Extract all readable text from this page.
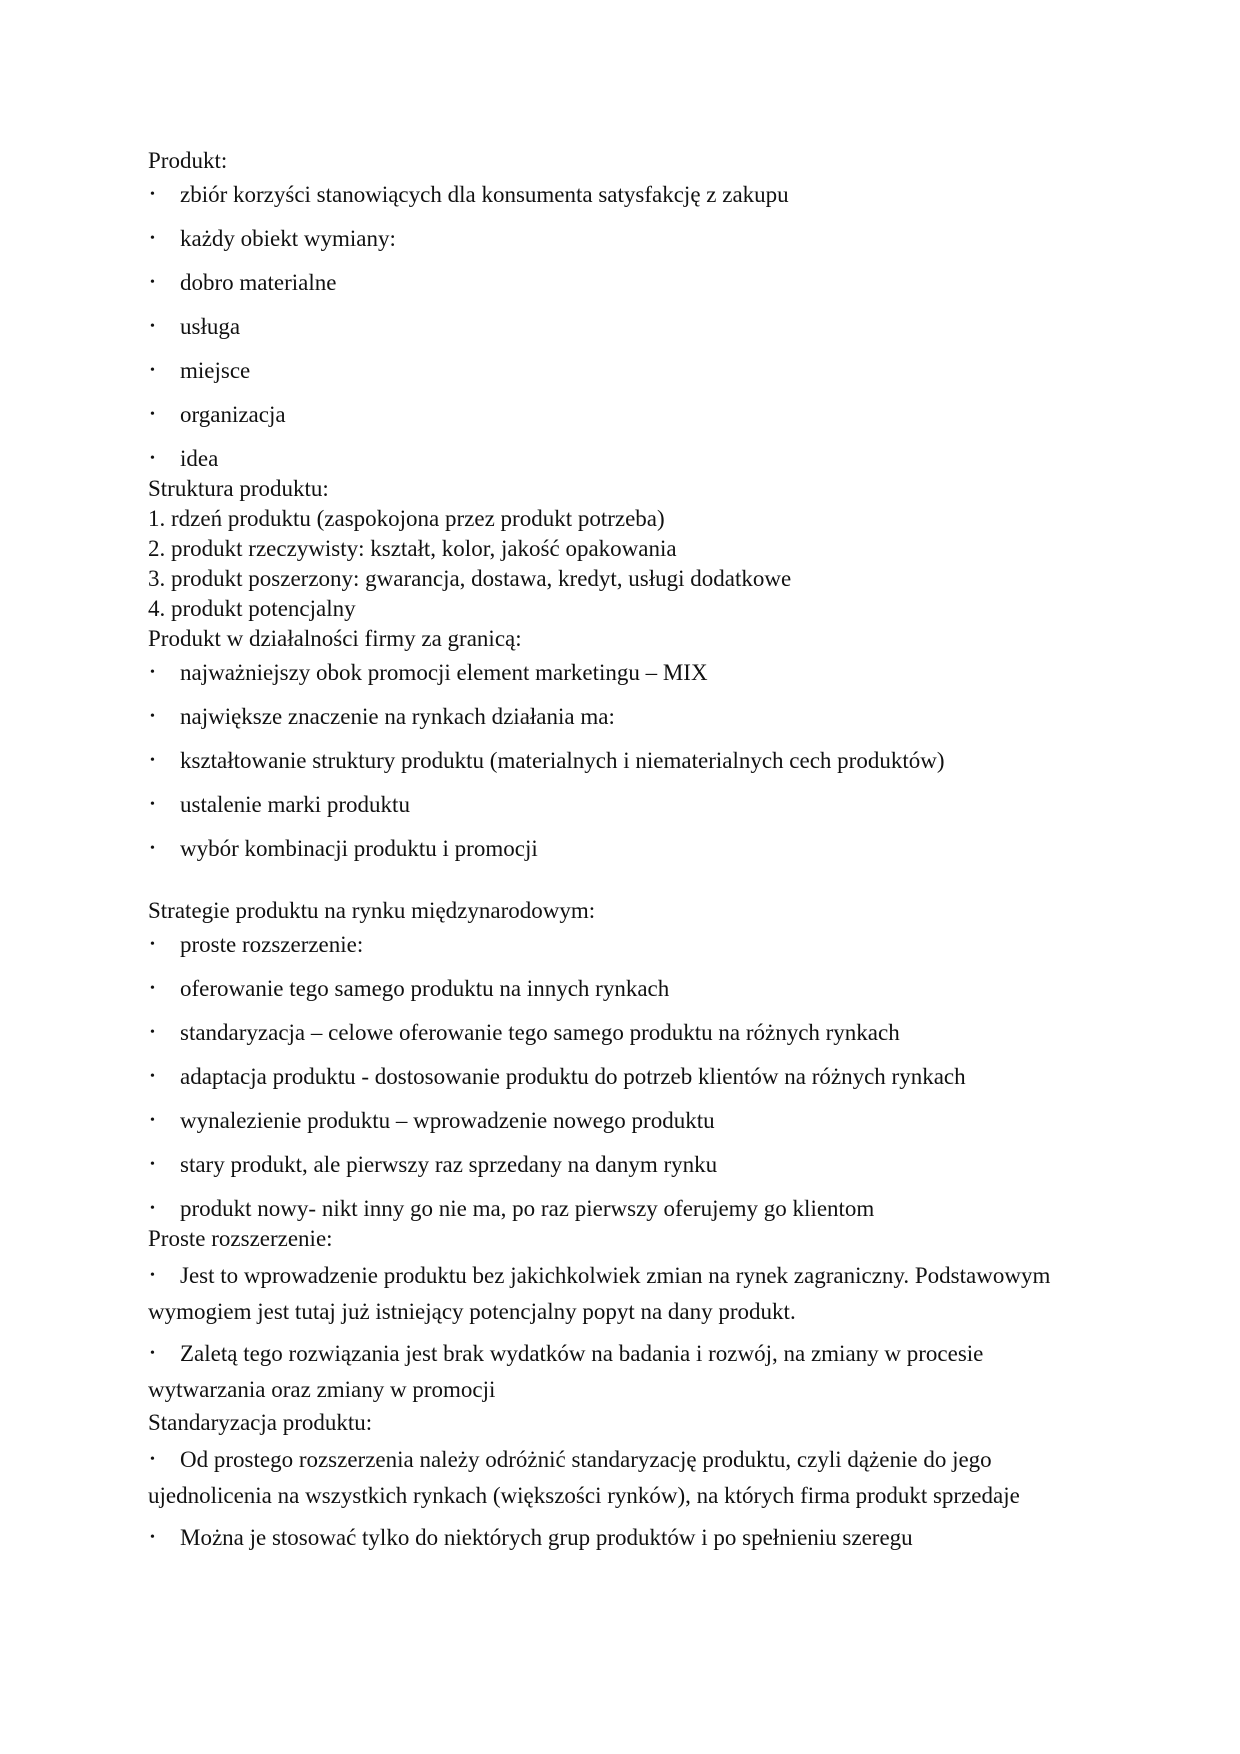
Produkt:

• zbiór korzyści stanowiących dla konsumenta satysfakcję z zakupu
• każdy obiekt wymiany:
• dobro materialne
• usługa
• miejsce
• organizacja
• idea

Struktura produktu:

1. rdzeń produktu (zaspokojona przez produkt potrzeba)

2. produkt rzeczywisty: kształt, kolor, jakość opakowania

3. produkt poszerzony: gwarancja, dostawa, kredyt, usługi dodatkowe

4. produkt potencjalny

Produkt w działalności firmy za granicą:

• najważniejszy obok promocji element marketingu – MIX
• największe znaczenie na rynkach działania ma:
• kształtowanie struktury produktu (materialnych i niematerialnych cech produktów)
• ustalenie marki produktu
• wybór kombinacji produktu i promocji

Strategie produktu na rynku międzynarodowym:

• proste rozszerzenie:
• oferowanie tego samego produktu na innych rynkach
• standaryzacja – celowe oferowanie tego samego produktu na różnych rynkach
• adaptacja produktu - dostosowanie produktu do potrzeb klientów na różnych rynkach
• wynalezienie produktu – wprowadzenie nowego produktu
• stary produkt, ale pierwszy raz sprzedany na danym rynku
• produkt nowy- nikt inny go nie ma, po raz pierwszy oferujemy go klientom

Proste rozszerzenie:

• Jest to wprowadzenie produktu bez jakichkolwiek zmian na rynek zagraniczny. Podstawowym wymogiem jest tutaj już istniejący potencjalny popyt na dany produkt.
• Zaletą tego rozwiązania jest brak wydatków na badania i rozwój, na zmiany w procesie wytwarzania oraz zmiany w promocji

Standaryzacja produktu:

• Od prostego rozszerzenia należy odróżnić standaryzację produktu, czyli dążenie do jego ujednolicenia na wszystkich rynkach (większości rynków), na których firma produkt sprzedaje
• Można je stosować tylko do niektórych grup produktów i po spełnieniu szeregu
